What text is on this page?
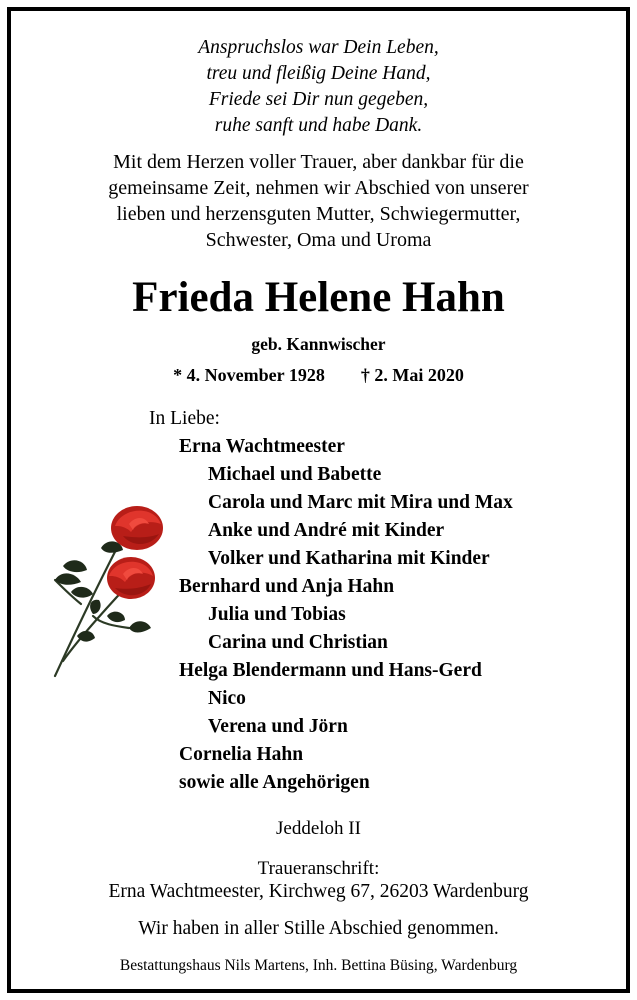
Anspruchslos war Dein Leben,
treu und fleißig Deine Hand,
Friede sei Dir nun gegeben,
ruhe sanft und habe Dank.
Mit dem Herzen voller Trauer, aber dankbar für die
gemeinsame Zeit, nehmen wir Abschied von unserer
lieben und herzensguten Mutter, Schwiegermutter,
Schwester, Oma und Uroma
Frieda Helene Hahn
geb. Kannwischer
* 4. November 1928 † 2. Mai 2020
In Liebe:
Erna Wachtmeester
Michael und Babette
Carola und Marc mit Mira und Max
Anke und André mit Kinder
Volker und Katharina mit Kinder
Bernhard und Anja Hahn
Julia und Tobias
Carina und Christian
Helga Blendermann und Hans-Gerd
Nico
Verena und Jörn
Cornelia Hahn
sowie alle Angehörigen
Jeddeloh II
Traueranschrift:
Erna Wachtmeester, Kirchweg 67, 26203 Wardenburg
Wir haben in aller Stille Abschied genommen.
Bestattungshaus Nils Martens, Inh. Bettina Büsing, Wardenburg
